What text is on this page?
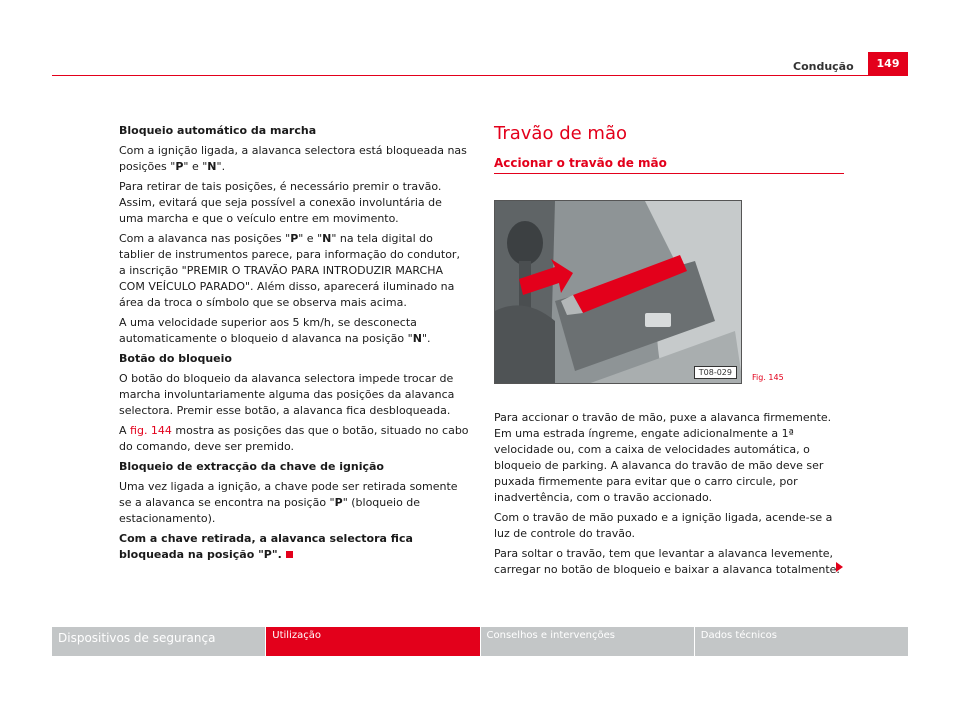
Condução	149
Bloqueio automático da marcha
Com a ignição ligada, a alavanca selectora está bloqueada nas posições "P" e "N".
Para retirar de tais posições, é necessário premir o travão. Assim, evitará que seja possível a conexão involuntária de uma marcha e que o veículo entre em movimento.
Com a alavanca nas posições "P" e "N" na tela digital do tablier de instrumentos parece, para informação do condutor, a inscrição "PREMIR O TRAVÃO PARA INTRODUZIR MARCHA COM VEÍCULO PARADO". Além disso, aparecerá iluminado na área da troca o símbolo que se observa mais acima.
A uma velocidade superior aos 5 km/h, se desconecta automaticamente o bloqueio d alavanca na posição "N".
Botão do bloqueio
O botão do bloqueio da alavanca selectora impede trocar de marcha involuntariamente alguma das posições da alavanca selectora. Premir esse botão, a alavanca fica desbloqueada.
A fig. 144 mostra as posições das que o botão, situado no cabo do comando, deve ser premido.
Bloqueio de extracção da chave de ignição
Uma vez ligada a ignição, a chave pode ser retirada somente se a alavanca se encontra na posição "P" (bloqueio de estacionamento).
Com a chave retirada, a alavanca selectora fica bloqueada na posição "P".
Travão de mão
Accionar o travão de mão
T08-029
Fig. 145
Para accionar o travão de mão, puxe a alavanca firmemente. Em uma estrada íngreme, engate adicionalmente a 1ª velocidade ou, com a caixa de velocidades automática, o bloqueio de parking. A alavanca do travão de mão deve ser puxada firmemente para evitar que o carro circule, por inadvertência, com o travão accionado.
Com o travão de mão puxado e a ignição ligada, acende-se a luz de controle do travão.
Para soltar o travão, tem que levantar a alavanca levemente, carregar no botão de bloqueio e baixar a alavanca totalmente.
Dispositivos de segurança	Utilização	Conselhos e intervenções	Dados técnicos
